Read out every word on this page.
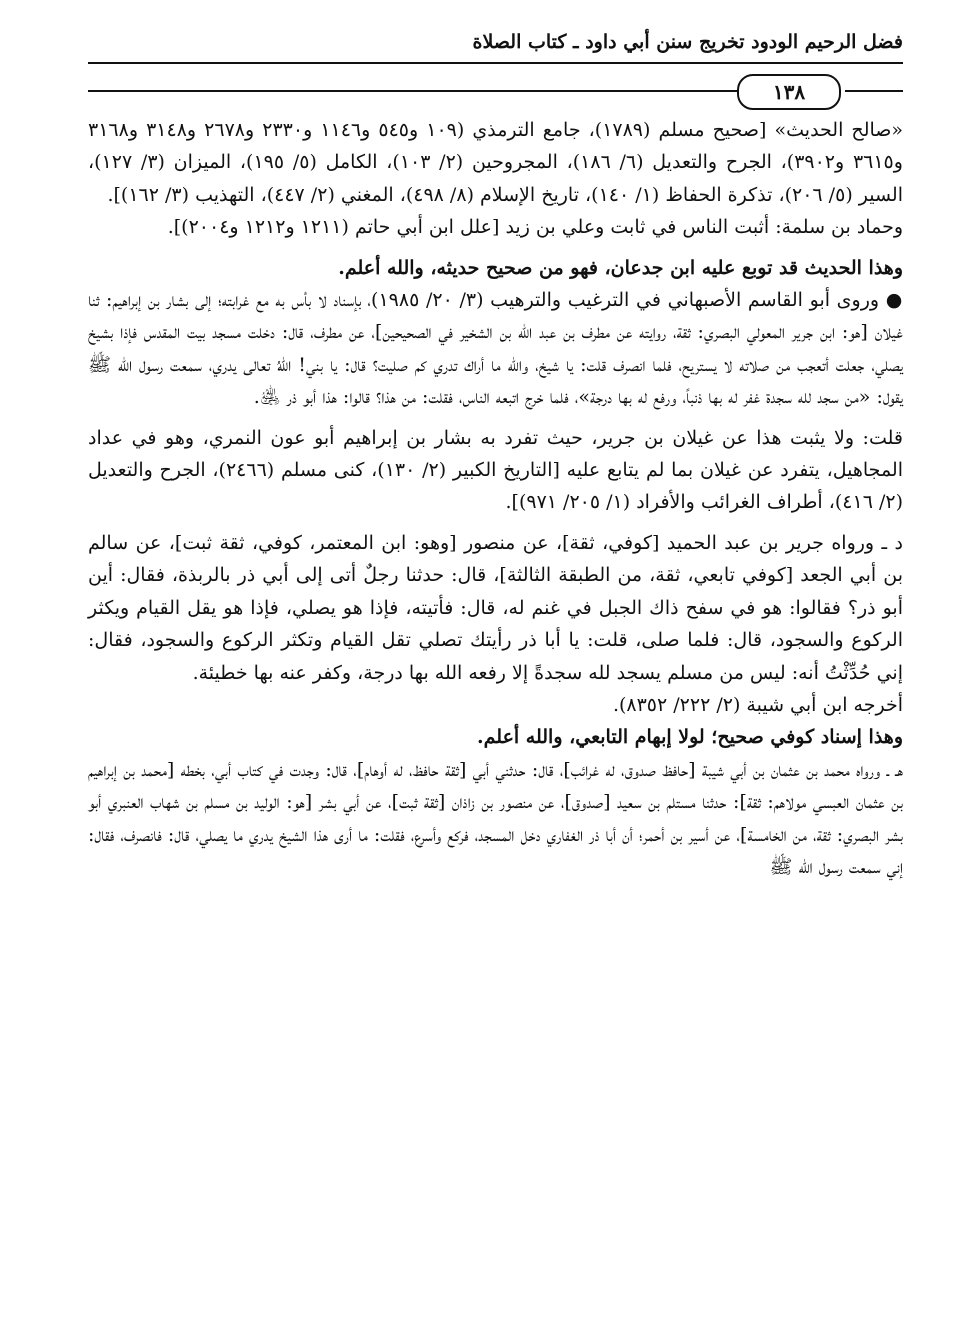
فضل الرحيم الودود تخريج سنن أبي داود ـ كتاب الصلاة
١٣٨

«صالح الحديث» [صحيح مسلم (١٧٨٩)، جامع الترمذي (١٠٩ و٥٤٥ و١١٤٦ و٢٣٣٠ و٢٦٧٨ و٣١٤٨ و٣١٦٨ و٣٦١٥ و٣٩٠٢)، الجرح والتعديل (٦/ ١٨٦)، المجروحين (٢/ ١٠٣)، الكامل (٥/ ١٩٥)، الميزان (٣/ ١٢٧)، السير (٥/ ٢٠٦)، تذكرة الحفاظ (١/ ١٤٠)، تاريخ الإسلام (٨/ ٤٩٨)، المغني (٢/ ٤٤٧)، التهذيب (٣/ ١٦٢)].

وحماد بن سلمة: أثبت الناس في ثابت وعلي بن زيد [علل ابن أبي حاتم (١٢١١ و١٢١٢ و٢٠٠٤)].

وهذا الحديث قد توبع عليه ابن جدعان، فهو من صحيح حديثه، والله أعلم.

● وروى أبو القاسم الأصبهاني في الترغيب والترهيب (٣/ ٢٠/ ١٩٨٥)، بإسناد لا بأس به مع غرابته؛ إلى بشار بن إبراهيم: ثنا غيلان [هو: ابن جرير المعولي البصري: ثقة، روايته عن مطرف بن عبد الله بن الشخير في الصحيحين]، عن مطرف، قال: دخلت مسجد بيت المقدس فإذا بشيخ يصلي، جعلت أتعجب من صلاته لا يستريح، فلما انصرف قلت: يا شيخ، والله ما أراك تدري كم صليت؟ قال: يا بني! اللهُ تعالى يدري، سمعت رسول الله ﷺ يقول: «من سجد لله سجدة غفر له بها ذنباً، ورفع له بها درجة»، فلما خرج اتبعه الناس، فقلت: من هذا؟ قالوا: هذا أبو ذر ﵁.

قلت: ولا يثبت هذا عن غيلان بن جرير، حيث تفرد به بشار بن إبراهيم أبو عون النمري، وهو في عداد المجاهيل، يتفرد عن غيلان بما لم يتابع عليه [التاريخ الكبير (٢/ ١٣٠)، كنى مسلم (٢٤٦٦)، الجرح والتعديل (٢/ ٤١٦)، أطراف الغرائب والأفراد (١/ ٢٠٥/ ٩٧١)].

د ـ ورواه جرير بن عبد الحميد [كوفي، ثقة]، عن منصور [وهو: ابن المعتمر، كوفي، ثقة ثبت]، عن سالم بن أبي الجعد [كوفي تابعي، ثقة، من الطبقة الثالثة]، قال: حدثنا رجلٌ أتى إلى أبي ذر بالربذة، فقال: أين أبو ذر؟ فقالوا: هو في سفح ذاك الجبل في غنم له، قال: فأتيته، فإذا هو يصلي، فإذا هو يقل القيام ويكثر الركوع والسجود، قال: فلما صلى، قلت: يا أبا ذر رأيتك تصلي تقل القيام وتكثر الركوع والسجود، فقال: إني حُدِّثْتُ أنه: ليس من مسلم يسجد لله سجدةً إلا رفعه الله بها درجة، وكفر عنه بها خطيئة.

أخرجه ابن أبي شيبة (٢/ ٢٢٢/ ٨٣٥٢).

وهذا إسناد كوفي صحيح؛ لولا إبهام التابعي، والله أعلم.

هـ ـ ورواه محمد بن عثمان بن أبي شيبة [حافظ صدوق، له غرائب]، قال: حدثني أبي [ثقة حافظ، له أوهام]، قال: وجدت في كتاب أبي، بخطه [محمد بن إبراهيم بن عثمان العبسي مولاهم: ثقة]: حدثنا مستلم بن سعيد [صدوق]، عن منصور بن زاذان [ثقة ثبت]، عن أبي بشر [هو: الوليد بن مسلم بن شهاب العنبري أبو بشر البصري: ثقة، من الخامسة]، عن أسير بن أحمر؛ أن أبا ذر الغفاري دخل المسجد، فركع وأسرع، فقلت: ما أرى هذا الشيخ يدري ما يصلي، قال: فانصرف، فقال: إني سمعت رسول الله ﷺ
